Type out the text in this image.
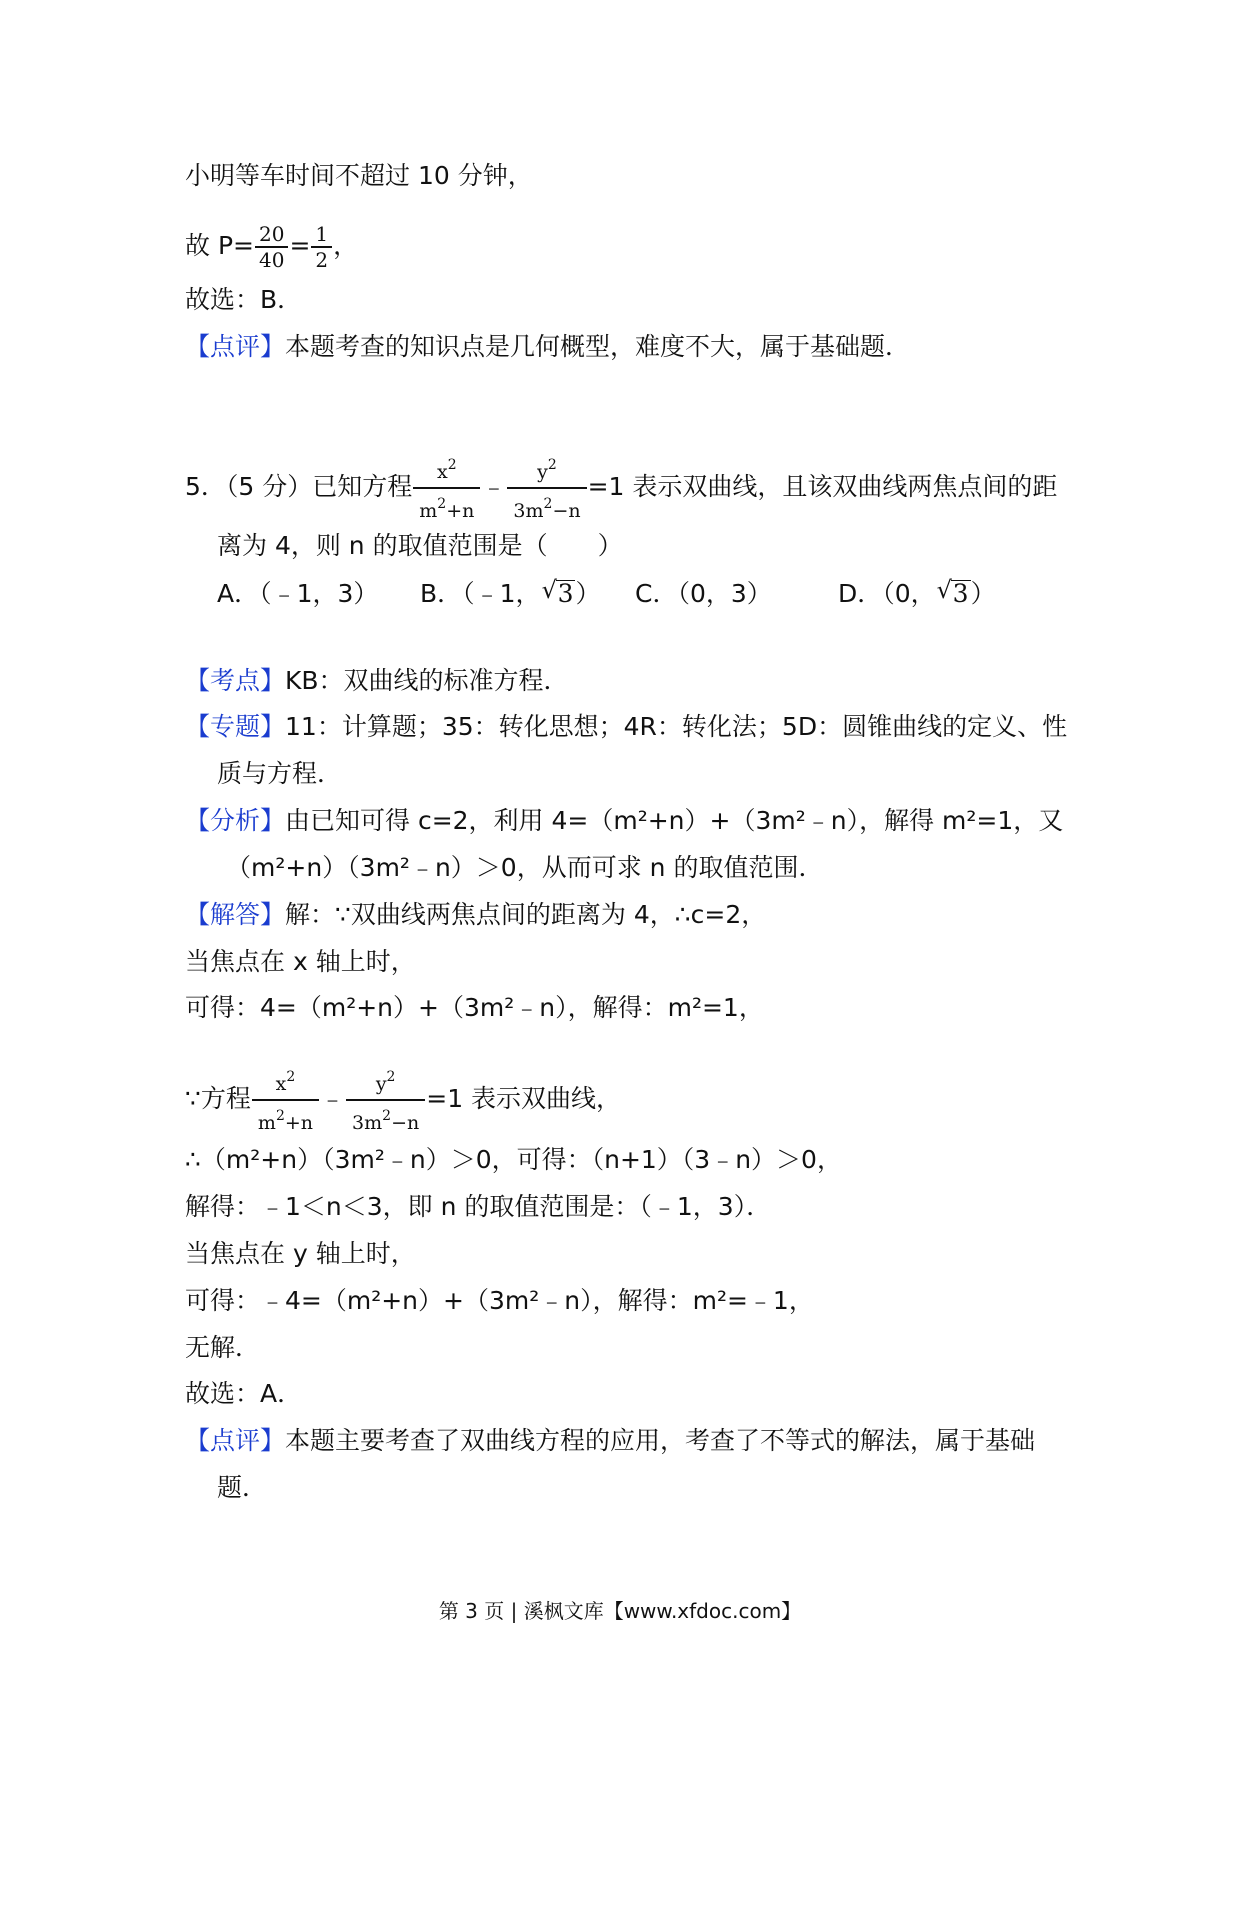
小明等车时间不超过 10 分钟，
故 $P= \frac{20}{40} = \frac{1}{2}$ ，
故选：B．
【点评】本题考查的知识点是几何概型，难度不大，属于基础题．
5．（5 分）已知方程 $\frac{x^2}{m^2+n}$ ﹣ $\frac{y^2}{3m^2-n} =1$ 表示双曲线，且该双曲线两焦点间的距
离为 4，则 n 的取值范围是（　　）
A．（﹣1，3） B．（﹣1， √ 3） C．（0，3）	D．（0， √ 3）
【考点】KB：双曲线的标准方程．
【专题】11：计算题；35：转化思想；4R：转化法；5D：圆锥曲线的定义、性
质与方程．
【分析】由已知可得 c=2，利用 4=（m²+n）+（3m²﹣n），解得 m²=1，又
（m²+n）（3m²﹣n）＞0，从而可求 n 的取值范围．
【解答】解：∵双曲线两焦点间的距离为 4，∴c=2，
当焦点在 x 轴上时，
可得：4=（m²+n）+（3m²﹣n），解得：m²=1，
∵方程 $\frac{x^2}{m^2+n}$ ﹣ $\frac{y^2}{3m^2-n} =1$ 表示双曲线，
∴（m²+n）（3m²﹣n）＞0，可得：（n+1）（3﹣n）＞0，
解得：﹣1＜n＜3，即 n 的取值范围是：（﹣1，3）．
当焦点在 y 轴上时，
可得：﹣4=（m²+n）+（3m²﹣n），解得：m²=﹣1，
无解．
故选：A．
【点评】本题主要考查了双曲线方程的应用，考查了不等式的解法，属于基础
题．
第 3 页 | 溪枫文库【www.xfdoc.com】
